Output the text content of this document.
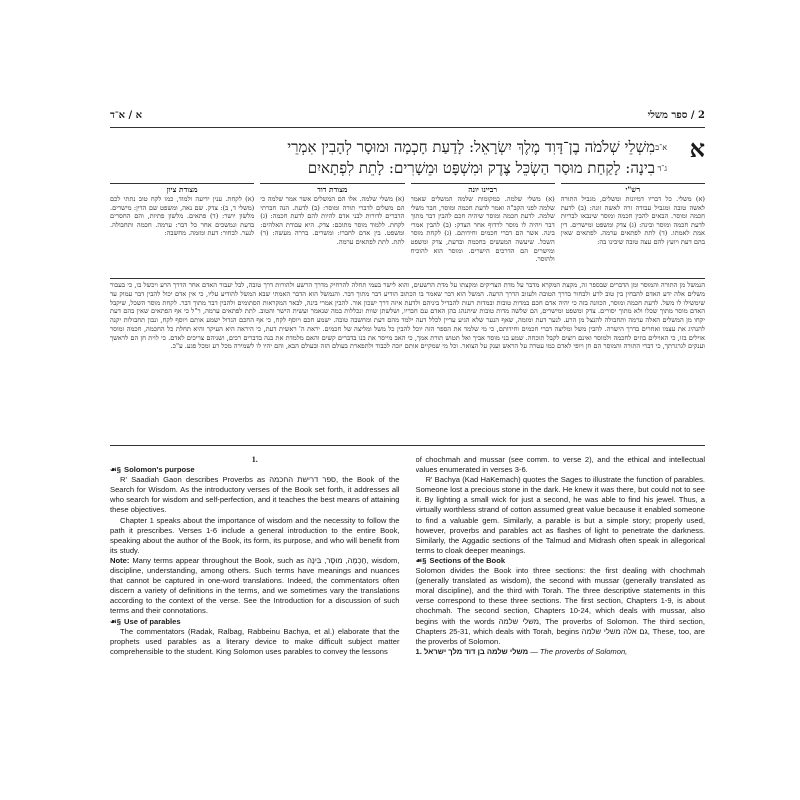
א / א־ד	2 / ספר משלי
א
א־ב
ג־ד
מִשְׁלֵי שְׁלֹמֹה בֶן־דָּוִד מֶלֶךְ יִשְׂרָאֵל: לָדַעַת חָכְמָה וּמוּסָר לְהָבִין אִמְרֵי
בִינָה: לָקַחַת מוּסַר הַשְׂכֵּל צֶדֶק וּמִשְׁפָּט וּמֵשָׁרִים: לָתֵת לִפְתָאיִם
רש"י
(א) משלי. כל דבריו דמיונות ומשלים, מגביל התורה לאשה טובה ומגביל עבודה זרה לאשה זונה: (ב) לדעת חכמה ומוסר. הבאים להבין חכמה ומוסר שינבאו לבריות לדעת חכמה ומוסר ובינה: (ג) צדק ומשפט ומישרים. דין אמת לאמתו. (ד) לתת לפתאים ערמה. לפתאים שאין בהם דעת ויועץ להם עצה טובה שיבינו בה:
רביינו יונה
(א) משלי שלמה. כמקומות שלמה המשלים שאמר שלמה לפני הקב"ה ואמר לדעת חכמה ומוסר, חבר משלי שלמה. לדעת חכמה ומוסר שיהיה חכם להבין דבר מתוך דבר ויהיה לו מוסר לרדוף אחר הצדק: (ב) להבין אמרי בינה. אשר הם דברי חכמים וחידותם. (ג) לקחת מוסר השכל. שיעשה המעשים בחכמה ובדעת, צדק ומשפט ומישרים הם הדרכים הישרים. ומוסר הוא להוכיח ולהוסר.
מצודת דוד
(א) משלי שלמה. אלו הם המשלים אשר אמר שלמה כי הם משלים לדברי תורה ומוסר: (ב) לדעת. הנה חברתי הדברים לדורות לבני אדם להיות להם לדעת חכמה: (ג) לקחת. ללמוד מוסר מתוכם: צדק. היא עבודת האלהים: ומשפט. בין אדם לחברו: ומשרים. בררה מעשה: (ד) לתת. לתת לפתאים ערמה.
מצודת ציון
(א) לקחת. ענין ידיעה ולמוד, כמו לקח טוב נתתי לכם (משלי ד, ב): צדק. שם נאה, ומשפט שם הדין: מישרים. מלשון יושר: (ד) פתאים. מלשון פתיות, והם החסרים בדעת ונמשכים אחר כל דבר: ערמה. חכמה ותחבולה. לנער. לבחור: דעת ומזמה. מחשבה:
הנמשל מן התורה והמוסר ומן הדברים שבספר זה, מקצת המקרא מדבר על מדת הצדיקים ומקצתו על מדת הרשעים, והוא לישר בעמי תחלה להרחיק מדרך הרשע ולהורות דרך טובה, לבל יעבור האדם אחר הדרך הרע ויכשל בו, כי בעבור משלים אלה ידע האדם להבחין בין טוב לרע ולבחור בדרך הטובה ולעזוב הדרך הרעה. המשל הוא דבר שאמר בו הכתוב הודיע דבר מתוך דבר. והנמשל הוא הדבר האמתי שבא המשל להודיע עליו, כי אין אדם יכול להבין דבר עמוק עד שימשילו לו משל. לדעת חכמה ומוסר, הכוונה בזה כי יהיה אדם חכם במדות טובות ובמדות רעות להבדיל ביניהם ולדעת איזה דרך ישכון אור. להבין אמרי בינה, לבאר המקראות הסתומים ולהבין דבר מתוך דבר. לקחת מוסר השכל, שיקבל האדם מוסר מתוך שכלו ולא מתוך יסורים. צדק ומשפט ומישרים, הם שלשה מדות טובות שיתנהג בהן האדם עם חבריו, ושלשתן שוות ונכללות במה שנאמר ועשית הישר והטוב. לתת לפתאים ערמה, ר"ל כי אף הפתאים שאין בהם דעת יקחו מן המשלים האלה ערמה ותחבולה להנצל מן הרע. לנער דעת ומזמה, שאף הנער שלא הגיע עדיין לכלל דעה ילמד מהם דעת ומחשבה טובה. ישמע חכם ויוסף לקח, כי אף החכם הגדול ישמע אותם ויוסף לקח, ונבון תחבולות יקנה להנהיג את עצמו ואחרים בדרך הישרה. להבין משל ומליצה דברי חכמים וחידותם, כי מי שלמד את הספר הזה יוכל להבין כל משל ומליצה של חכמים. יראת ה' ראשית דעת, כי היראה היא העיקר והיא תחלת כל החכמה, חכמה ומוסר אוילים בזו, כי האוילים בוזים לחכמה ולמוסר ואינם רוצים לקבל תוכחה. שמע בני מוסר אביך ואל תטוש תורת אמך, כי האב מייסר את בנו בדברים קשים והאם מלמדת את בנה בדברים רכים, ושניהם צריכים לאדם. כי לוית חן הם לראשך וענקים לגרגרתך, כי דברי התורה והמוסר הם חן ויופי לאדם כמו עטרה על הראש וענק על הצואר. וכל מי שמקיים אותם יזכה לכבוד ולתפארת בעולם הזה ובעולם הבא, והם יהיו לו לשמירה מכל רע ומכל פגע. ע"כ.

1.

☙§ Solomon's purpose

R' Saadiah Gaon describes Proverbs as ספר דרישת החכמה, the Book of the Search for Wisdom. As the introductory verses of the Book set forth, it addresses all who search for wisdom and self-perfection, and it teaches the best means of attaining these objectives.

Chapter 1 speaks about the importance of wisdom and the necessity to follow the path it prescribes. Verses 1-6 include a general introduction to the entire Book, speaking about the author of the Book, its form, its purpose, and who will benefit from its study.

Note: Many terms appear throughout the Book, such as חָכְמָה, מוּסָר, בִּינָה, wisdom, discipline, understanding, among others. Such terms have meanings and nuances that cannot be captured in one-word translations. Indeed, the commentators often discern a variety of definitions in the terms, and we sometimes vary the translations according to the context of the verse. See the Introduction for a discussion of such terms and their connotations.

☙§ Use of parables

The commentators (Radak, Ralbag, Rabbeinu Bachya, et al.) elaborate that the prophets used parables as a literary device to make difficult subject matter comprehensible to the student. King Solomon uses parables to convey the lessons

of chochmah and mussar (see comm. to verse 2), and the ethical and intellectual values enumerated in verses 3-6.

R' Bachya (Kad HaKemach) quotes the Sages to illustrate the function of parables. Someone lost a precious stone in the dark. He knew it was there, but could not to see it. By lighting a small wick for just a second, he was able to find his jewel. Thus, a virtually worthless strand of cotton assumed great value because it enabled someone to find a valuable gem. Similarly, a parable is but a simple story; properly used, however, proverbs and parables act as flashes of light to penetrate the darkness. Similarly, the Aggadic sections of the Talmud and Midrash often speak in allegorical terms to cloak deeper meanings.

☙§ Sections of the Book

Solomon divides the Book into three sections: the first dealing with chochmah (generally translated as wisdom), the second with mussar (generally translated as moral discipline), and the third with Torah. The three descriptive statements in this verse correspond to these three sections. The first section, Chapters 1-9, is about chochmah. The second section, Chapters 10-24, which deals with mussar, also begins with the words משלי שלמה, The proverbs of Solomon. The third section, Chapters 25-31, which deals with Torah, begins גם אלה משלי שלמה, These, too, are the proverbs of Solomon.

1. משלי שלמה בן דוד מלך ישראל — The proverbs of Solomon,
